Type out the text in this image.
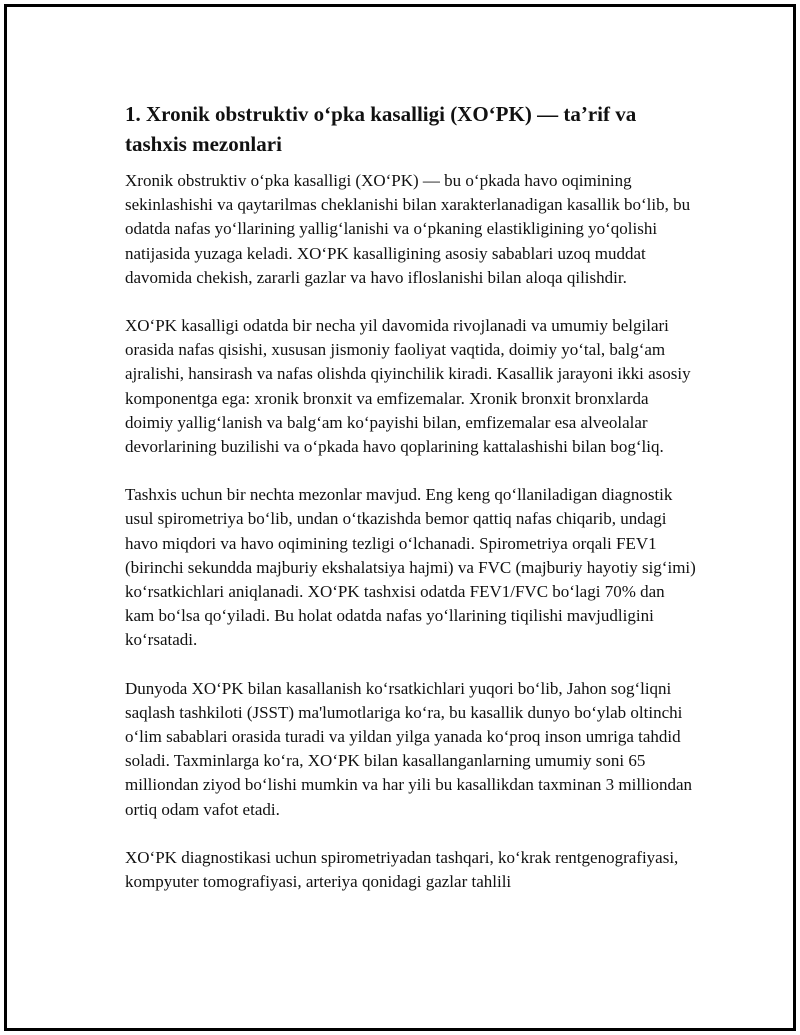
1. Xronik obstruktiv o‘pka kasalligi (XO‘PK) — ta’rif va tashxis mezonlari

Xronik obstruktiv o‘pka kasalligi (XO‘PK) — bu o‘pkada havo oqimining sekinlashishi va qaytarilmas cheklanishi bilan xarakterlanadigan kasallik bo‘lib, bu odatda nafas yo‘llarining yallig‘lanishi va o‘pkaning elastikligining yo‘qolishi natijasida yuzaga keladi. XO‘PK kasalligining asosiy sabablari uzoq muddat davomida chekish, zararli gazlar va havo ifloslanishi bilan aloqa qilishdir.

XO‘PK kasalligi odatda bir necha yil davomida rivojlanadi va umumiy belgilari orasida nafas qisishi, xususan jismoniy faoliyat vaqtida, doimiy yo‘tal, balg‘am ajralishi, hansirash va nafas olishda qiyinchilik kiradi. Kasallik jarayoni ikki asosiy komponentga ega: xronik bronxit va emfizemalar. Xronik bronxit bronxlarda doimiy yallig‘lanish va balg‘am ko‘payishi bilan, emfizemalar esa alveolalar devorlarining buzilishi va o‘pkada havo qoplarining kattalashishi bilan bog‘liq.

Tashxis uchun bir nechta mezonlar mavjud. Eng keng qo‘llaniladigan diagnostik usul spirometriya bo‘lib, undan o‘tkazishda bemor qattiq nafas chiqarib, undagi havo miqdori va havo oqimining tezligi o‘lchanadi. Spirometriya orqali FEV1 (birinchi sekundda majburiy ekshalatsiya hajmi) va FVC (majburiy hayotiy sig‘imi) ko‘rsatkichlari aniqlanadi. XO‘PK tashxisi odatda FEV1/FVC bo‘lagi 70% dan kam bo‘lsa qo‘yiladi. Bu holat odatda nafas yo‘llarining tiqilishi mavjudligini ko‘rsatadi.

Dunyoda XO‘PK bilan kasallanish ko‘rsatkichlari yuqori bo‘lib, Jahon sog‘liqni saqlash tashkiloti (JSST) ma'lumotlariga ko‘ra, bu kasallik dunyo bo‘ylab oltinchi o‘lim sabablari orasida turadi va yildan yilga yanada ko‘proq inson umriga tahdid soladi. Taxminlarga ko‘ra, XO‘PK bilan kasallanganlarning umumiy soni 65 milliondan ziyod bo‘lishi mumkin va har yili bu kasallikdan taxminan 3 milliondan ortiq odam vafot etadi.

XO‘PK diagnostikasi uchun spirometriyadan tashqari, ko‘krak rentgenografiyasi, kompyuter tomografiyasi, arteriya qonidagi gazlar tahlili
